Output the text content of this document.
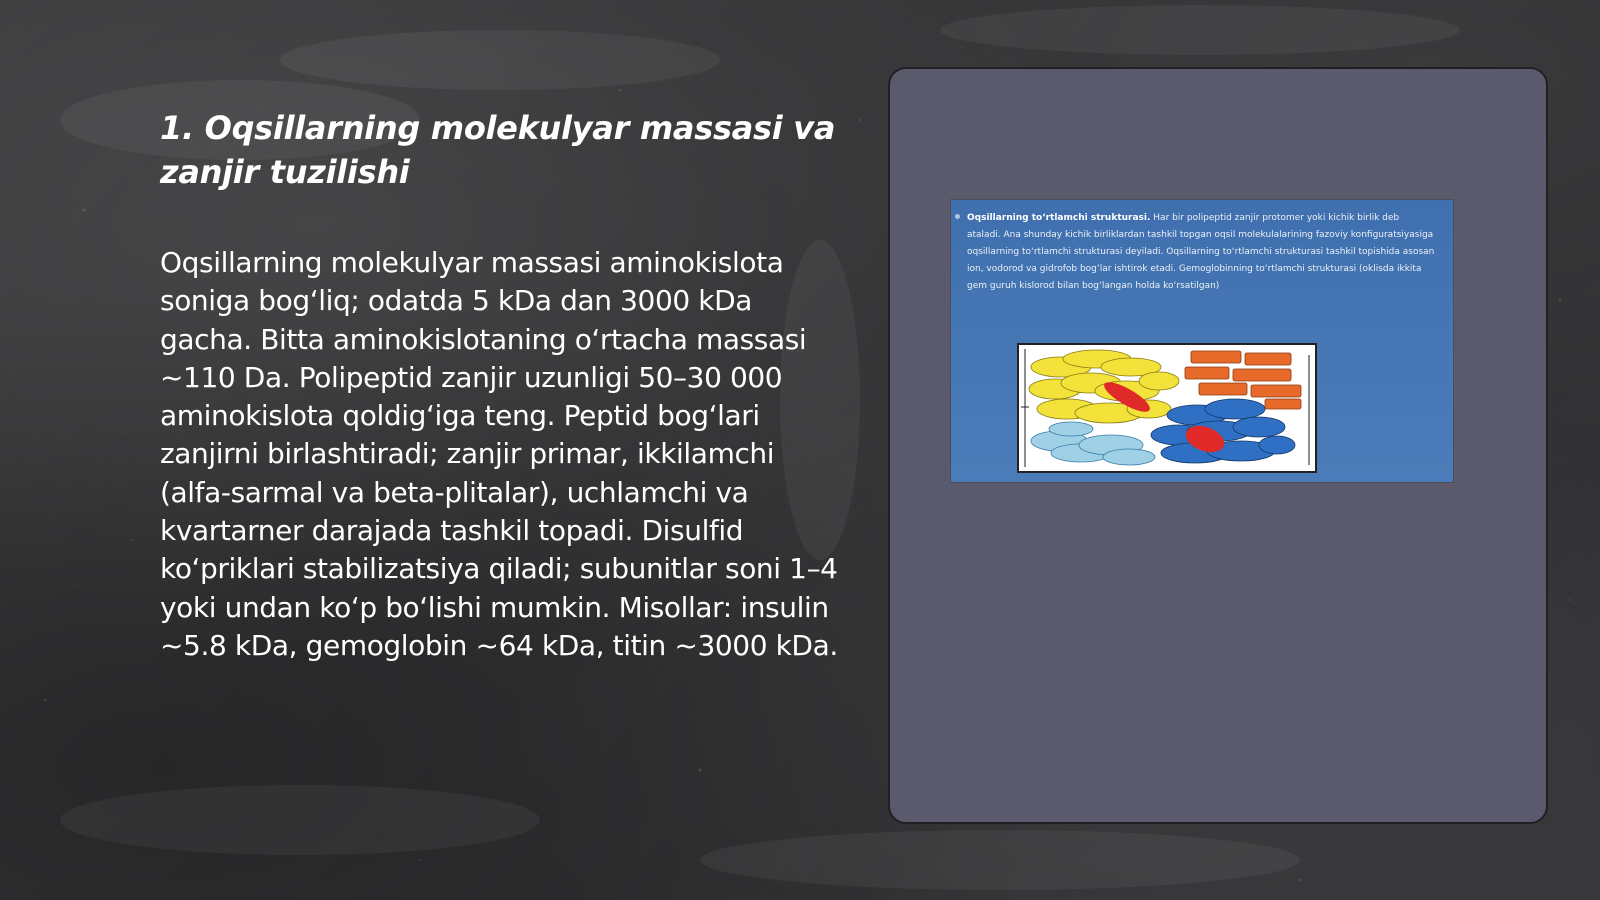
1. Oqsillarning molekulyar massasi va zanjir tuzilishi

Oqsillarning molekulyar massasi aminokislota soniga bog‘liq; odatda 5 kDa dan 3000 kDa gacha. Bitta aminokislotaning o‘rtacha massasi ~110 Da. Polipeptid zanjir uzunligi 50–30 000 aminokislota qoldig‘iga teng. Peptid bog‘lari zanjirni birlashtiradi; zanjir primar, ikkilamchi (alfa-sarmal va beta-plitalar), uchlamchi va kvartarner darajada tashkil topadi. Disulfid ko‘priklari stabilizatsiya qiladi; subunitlar soni 1–4 yoki undan ko‘p bo‘lishi mumkin. Misollar: insulin ~5.8 kDa, gemoglobin ~64 kDa, titin ~3000 kDa.

Oqsillarning to‘rtlamchi strukturasi. Har bir polipeptid zanjir protomer yoki kichik birlik deb ataladi. Ana shunday kichik birliklardan tashkil topgan oqsil molekulalarining fazoviy konfiguratsiyasiga oqsillarning to‘rtlamchi strukturasi deyiladi. Oqsillarning to‘rtlamchi strukturasi tashkil topishida asosan ion, vodorod va gidrofob bog‘lar ishtirok etadi. Gemoglobinning to‘rtlamchi strukturasi (oklisda ikkita gem guruh kislorod bilan bog‘langan holda ko‘rsatilgan)
